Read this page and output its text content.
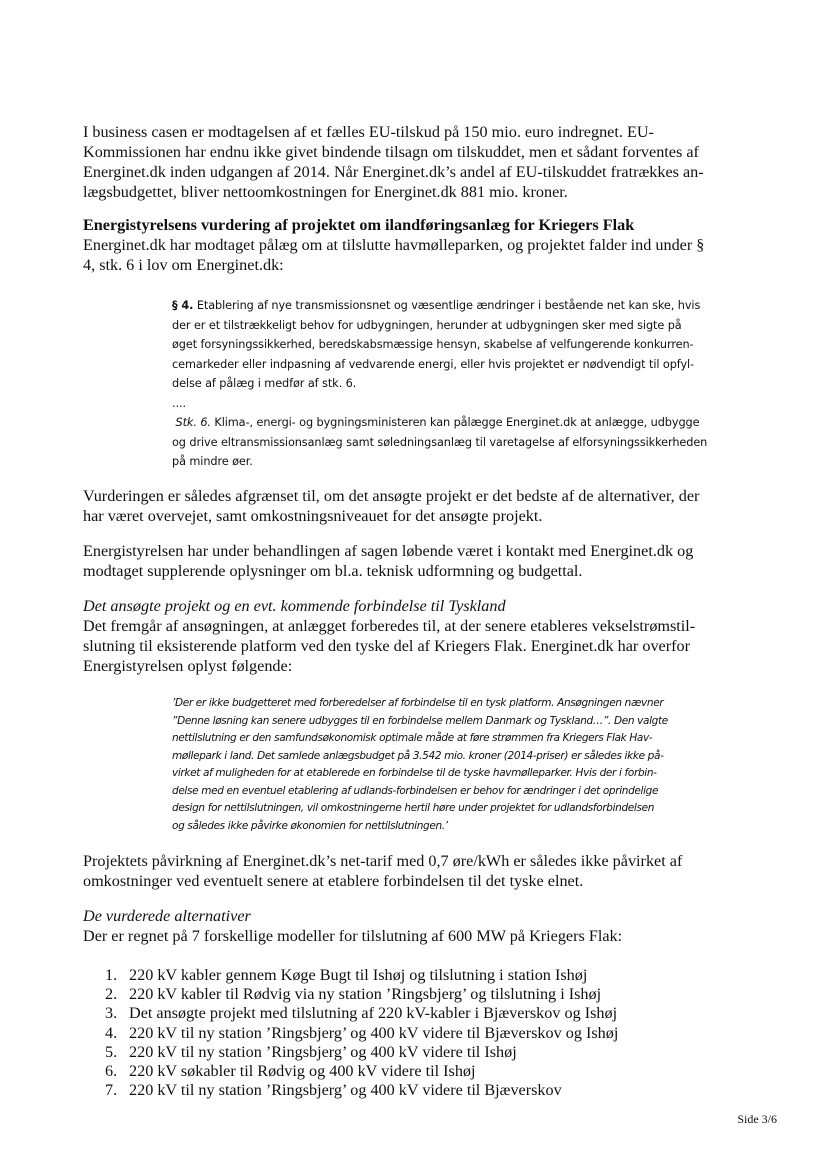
I business casen er modtagelsen af et fælles EU-tilskud på 150 mio. euro indregnet. EU-
Kommissionen har endnu ikke givet bindende tilsagn om tilskuddet, men et sådant forventes af
Energinet.dk inden udgangen af 2014. Når Energinet.dk’s andel af EU-tilskuddet fratrækkes an-
lægsbudgettet, bliver nettoomkostningen for Energinet.dk 881 mio. kroner.
Energistyrelsens vurdering af projektet om ilandføringsanlæg for Kriegers Flak
Energinet.dk har modtaget pålæg om at tilslutte havmølleparken, og projektet falder ind under §
4, stk. 6 i lov om Energinet.dk:
§ 4. Etablering af nye transmissionsnet og væsentlige ændringer i bestående net kan ske, hvis
der er et tilstrækkeligt behov for udbygningen, herunder at udbygningen sker med sigte på
øget forsyningssikkerhed, beredskabsmæssige hensyn, skabelse af velfungerende konkurren-
cemarkeder eller indpasning af vedvarende energi, eller hvis projektet er nødvendigt til opfyl-
delse af pålæg i medfør af stk. 6.
....
Stk. 6. Klima-, energi- og bygningsministeren kan pålægge Energinet.dk at anlægge, udbygge
og drive eltransmissionsanlæg samt søledningsanlæg til varetagelse af elforsyningssikkerheden
på mindre øer.
Vurderingen er således afgrænset til, om det ansøgte projekt er det bedste af de alternativer, der
har været overvejet, samt omkostningsniveauet for det ansøgte projekt.
Energistyrelsen har under behandlingen af sagen løbende været i kontakt med Energinet.dk og
modtaget supplerende oplysninger om bl.a. teknisk udformning og budgettal.
Det ansøgte projekt og en evt. kommende forbindelse til Tyskland
Det fremgår af ansøgningen, at anlægget forberedes til, at der senere etableres vekselstrømstil-
slutning til eksisterende platform ved den tyske del af Kriegers Flak. Energinet.dk har overfor
Energistyrelsen oplyst følgende:
’Der er ikke budgetteret med forberedelser af forbindelse til en tysk platform. Ansøgningen nævner
”Denne løsning kan senere udbygges til en forbindelse mellem Danmark og Tyskland…”. Den valgte
nettilslutning er den samfundsøkonomisk optimale måde at føre strømmen fra Kriegers Flak Hav-
møllepark i land. Det samlede anlægsbudget på 3.542 mio. kroner (2014-priser) er således ikke på-
virket af muligheden for at etablerede en forbindelse til de tyske havmølleparker. Hvis der i forbin-
delse med en eventuel etablering af udlands-forbindelsen er behov for ændringer i det oprindelige
design for nettilslutningen, vil omkostningerne hertil høre under projektet for udlandsforbindelsen
og således ikke påvirke økonomien for nettilslutningen.’
Projektets påvirkning af Energinet.dk’s net-tarif med 0,7 øre/kWh er således ikke påvirket af
omkostninger ved eventuelt senere at etablere forbindelsen til det tyske elnet.
De vurderede alternativer
Der er regnet på 7 forskellige modeller for tilslutning af 600 MW på Kriegers Flak:
1. 220 kV kabler gennem Køge Bugt til Ishøj og tilslutning i station Ishøj
2. 220 kV kabler til Rødvig via ny station ’Ringsbjerg’ og tilslutning i Ishøj
3. Det ansøgte projekt med tilslutning af 220 kV-kabler i Bjæverskov og Ishøj
4. 220 kV til ny station ’Ringsbjerg’ og 400 kV videre til Bjæverskov og Ishøj
5. 220 kV til ny station ’Ringsbjerg’ og 400 kV videre til Ishøj
6. 220 kV søkabler til Rødvig og 400 kV videre til Ishøj
7. 220 kV til ny station ’Ringsbjerg’ og 400 kV videre til Bjæverskov
Side 3/6
